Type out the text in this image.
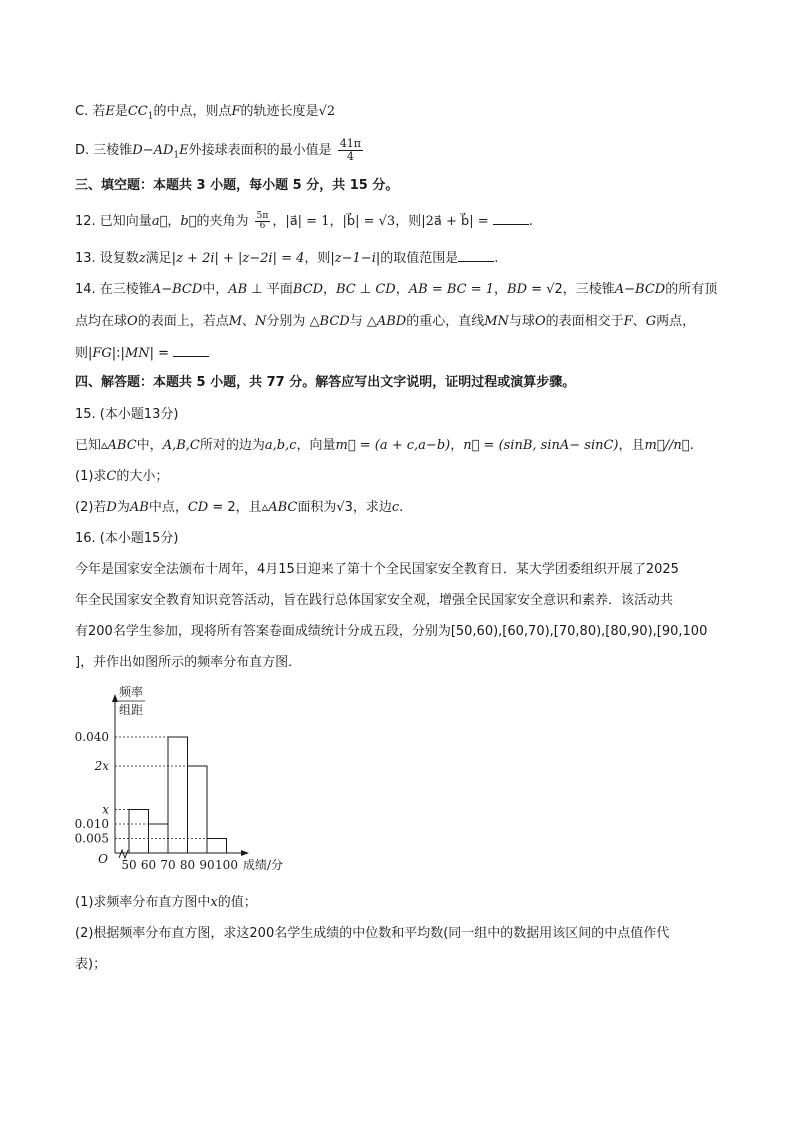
C. 若E是$CC_1$的中点，则点F的轨迹长度是√2
D. 三棱锥$D-AD_1E$外接球表面积的最小值是 $\frac{41\pi}{4}$
三、填空题：本题共 3 小题，每小题 5 分，共 15 分。
12. 已知向量a⃗，b⃗的夹角为 $\frac{5\pi}{6}$ ，|a⃗| = 1，|b⃗| = √3，则|2a⃗ + b⃗| =	.
13. 设复数z满足|z + 2i| + |z−2i| = 4，则|z−1−i|的取值范围是	.
14. 在三棱锥A−BCD中，AB ⊥ 平面BCD，BC ⊥ CD，AB = BC = 1，BD = √2，三棱锥A−BCD的所有顶
点均在球O的表面上，若点M、N分别为 △BCD与 △ABD的重心，直线MN与球O的表面相交于F、G两点，
则|FG|:|MN| =
四、解答题：本题共 5 小题，共 77 分。解答应写出文字说明，证明过程或演算步骤。
15. (本小题13分)
已知▵ABC中，A,B,C所对的边为a,b,c，向量m⃗ = (a + c,a−b)，n⃗ = (sinB, sinA− sinC)，且m⃗//n⃗.
(1)求C的大小；
(2)若D为AB中点，CD = 2，且▵ABC面积为√3，求边c.
16. (本小题15分)
今年是国家安全法颁布十周年，4月15日迎来了第十个全民国家安全教育日．某大学团委组织开展了2025
年全民国家安全教育知识竞答活动，旨在践行总体国家安全观，增强全民国家安全意识和素养．该活动共
有200名学生参加，现将所有答案卷面成绩统计分成五段，分别为[50,60),[60,70),[70,80),[80,90),[90,100
]，并作出如图所示的频率分布直方图．
频率
组距
O
0.040
2x
x
0.010
0.005
50 60 70 80 90 100 成绩/分
(1)求频率分布直方图中x的值；
(2)根据频率分布直方图，求这200名学生成绩的中位数和平均数(同一组中的数据用该区间的中点值作代
表)；
